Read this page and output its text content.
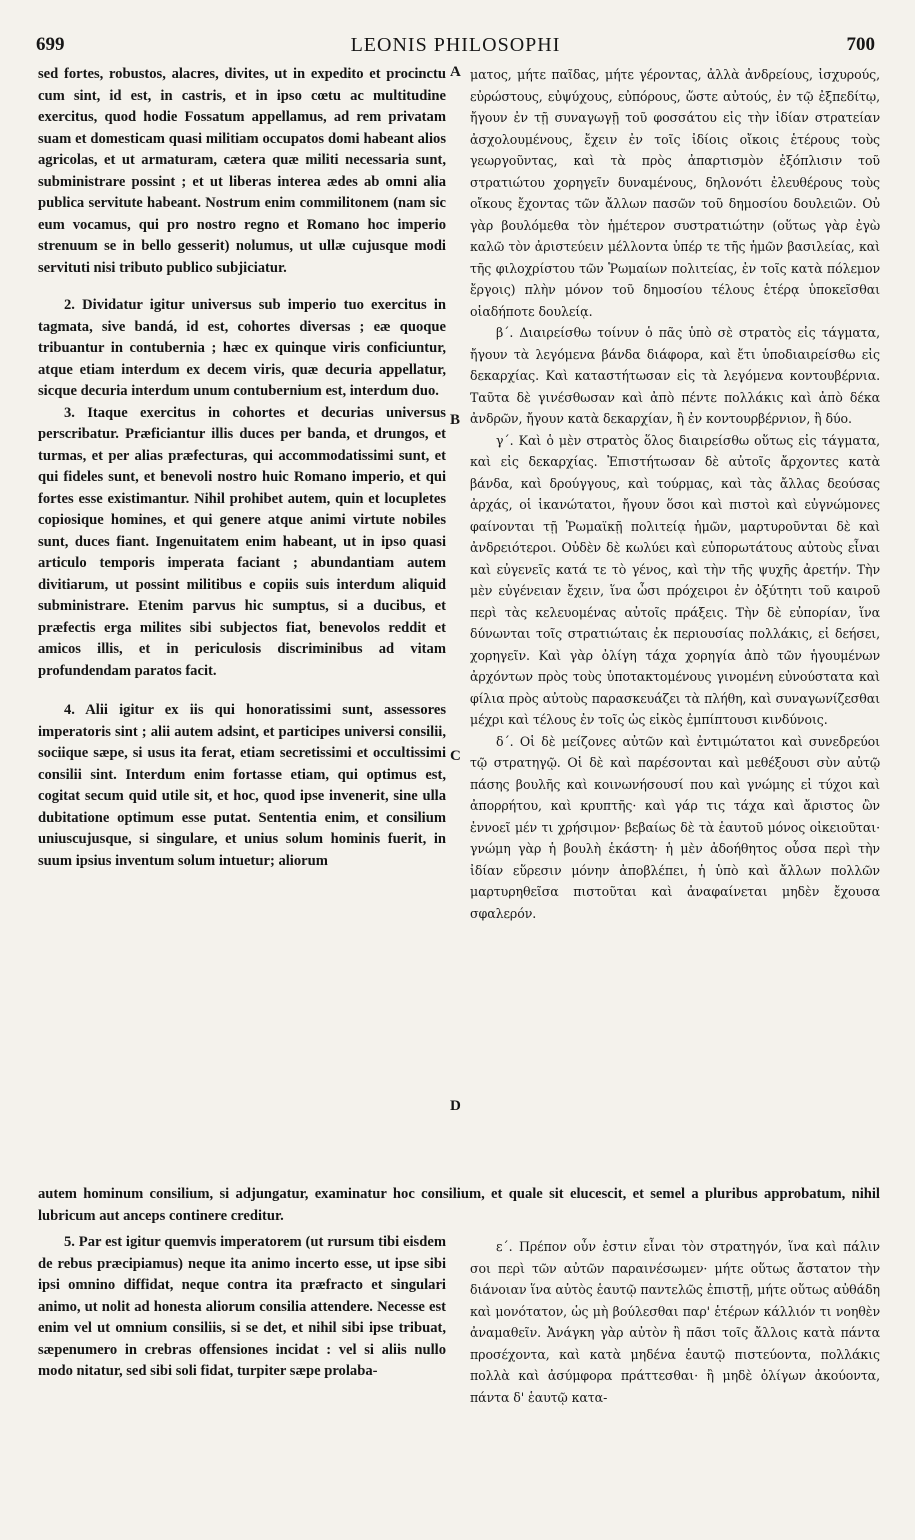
699	LEONIS PHILOSOPHI	700
A
B
C
D

sed fortes, robustos, alacres, divites, ut in expedito et procinctu cum sint, id est, in castris, et in ipso cœtu ac multitudine exercitus, quod hodie Fossatum appellamus, ad rem privatam suam et domesticam quasi militiam occupatos domi habeant alios agricolas, et ut armaturam, cætera quæ militi necessaria sunt, subministrare possint ; et ut liberas interea ædes ab omni alia publica servitute habeant. Nostrum enim commilitonem (nam sic eum vocamus, qui pro nostro regno et Romano hoc imperio strenuum se in bello gesserit) nolumus, ut ullæ cujusque modi servituti nisi tributo publico subjiciatur.

2. Dividatur igitur universus sub imperio tuo exercitus in tagmata, sive bandá, id est, cohortes diversas ; eæ quoque tribuantur in contubernia ; hæc ex quinque viris conficiuntur, atque etiam interdum ex decem viris, quæ decuria appellatur, sicque decuria interdum unum contubernium est, interdum duo.

3. Itaque exercitus in cohortes et decurias universus perscribatur. Præficiantur illis duces per banda, et drungos, et turmas, et per alias præfecturas, qui accommodatissimi sunt, et qui fideles sunt, et benevoli nostro huic Romano imperio, et qui fortes esse existimantur. Nihil prohibet autem, quin et locupletes copiosique homines, et qui genere atque animi virtute nobiles sunt, duces fiant. Ingenuitatem enim habeant, ut in ipso quasi articulo temporis imperata faciant ; abundantiam autem divitiarum, ut possint militibus e copiis suis interdum aliquid subministrare. Etenim parvus hic sumptus, si a ducibus, et præfectis erga milites sibi subjectos fiat, benevolos reddit et amicos illis, et in periculosis discriminibus ad vitam profundendam paratos facit.

4. Alii igitur ex iis qui honoratissimi sunt, assessores imperatoris sint ; alii autem adsint, et participes universi consilii, sociique sæpe, si usus ita ferat, etiam secretissimi et occultissimi consilii sint. Interdum enim fortasse etiam, qui optimus est, cogitat secum quid utile sit, et hoc, quod ipse invenerit, sine ulla dubitatione optimum esse putat. Sententia enim, et consilium uniuscujusque, si singulare, et unius solum hominis fuerit, in suum ipsius inventum solum intuetur; aliorum

ματος, μήτε παῖδας, μήτε γέροντας, ἀλλὰ ἀνδρείους, ἰσχυρούς, εὐρώστους, εὐψύχους, εὐπόρους, ὥστε αὐτούς, ἐν τῷ ἐξπεδίτῳ, ἤγουν ἐν τῇ συναγωγῇ τοῦ φοσσάτου εἰς τὴν ἰδίαν στρατείαν ἀσχολουμένους, ἔχειν ἐν τοῖς ἰδίοις οἴκοις ἑτέρους τοὺς γεωργοῦντας, καὶ τὰ πρὸς ἀπαρτισμὸν ἐξόπλισιν τοῦ στρατιώτου χορηγεῖν δυναμένους, δηλονότι ἐλευθέρους τοὺς οἴκους ἔχοντας τῶν ἄλλων πασῶν τοῦ δημοσίου δουλειῶν. Οὐ γὰρ βουλόμεθα τὸν ἡμέτερον συστρατιώτην (οὕτως γὰρ ἐγὼ καλῶ τὸν ἀριστεύειν μέλλοντα ὑπέρ τε τῆς ἡμῶν βασιλείας, καὶ τῆς φιλοχρίστου τῶν Ῥωμαίων πολιτείας, ἐν τοῖς κατὰ πόλεμον ἔργοις) πλὴν μόνον τοῦ δημοσίου τέλους ἑτέρᾳ ὑποκεῖσθαι οἱαδήποτε δουλείᾳ.

β΄. Διαιρείσθω τοίνυν ὁ πᾶς ὑπὸ σὲ στρατὸς εἰς τάγματα, ἤγουν τὰ λεγόμενα βάνδα διάφορα, καὶ ἔτι ὑποδιαιρείσθω εἰς δεκαρχίας. Καὶ καταστήτωσαν εἰς τὰ λεγόμενα κοντουβέρνια. Ταῦτα δὲ γινέσθωσαν καὶ ἀπὸ πέντε πολλάκις καὶ ἀπὸ δέκα ἀνδρῶν, ἤγουν κατὰ δεκαρχίαν, ἢ ἐν κοντουρβέρνιον, ἢ δύο.

γ΄. Καὶ ὁ μὲν στρατὸς ὅλος διαιρείσθω οὕτως εἰς τάγματα, καὶ εἰς δεκαρχίας. Ἐπιστήτωσαν δὲ αὐτοῖς ἄρχοντες κατὰ βάνδα, καὶ δρούγγους, καὶ τούρμας, καὶ τὰς ἄλλας δεούσας ἀρχάς, οἱ ἱκανώτατοι, ἤγουν ὅσοι καὶ πιστοὶ καὶ εὐγνώμονες φαίνονται τῇ Ῥωμαϊκῇ πολιτείᾳ ἡμῶν, μαρτυροῦνται δὲ καὶ ἀνδρειότεροι. Οὐδὲν δὲ κωλύει καὶ εὐπορωτάτους αὐτοὺς εἶναι καὶ εὐγενεῖς κατά τε τὸ γένος, καὶ τὴν τῆς ψυχῆς ἀρετήν. Τὴν μὲν εὐγένειαν ἔχειν, ἵνα ὦσι πρόχειροι ἐν ὀξύτητι τοῦ καιροῦ περὶ τὰς κελευομένας αὐτοῖς πράξεις. Τὴν δὲ εὐπορίαν, ἵνα δύνωνται τοῖς στρατιώταις ἐκ περιουσίας πολλάκις, εἰ δεήσει, χορηγεῖν. Καὶ γὰρ ὀλίγη τάχα χορηγία ἀπὸ τῶν ἡγουμένων ἀρχόντων πρὸς τοὺς ὑποτακτομένους γινομένη εὐνούστατα καὶ φίλια πρὸς αὐτοὺς παρασκευάζει τὰ πλήθη, καὶ συναγωνίζεσθαι μέχρι καὶ τέλους ἐν τοῖς ὡς εἰκὸς ἐμπίπτουσι κινδύνοις.

δ΄. Οἱ δὲ μείζονες αὐτῶν καὶ ἐντιμώτατοι καὶ συνεδρεύοι τῷ στρατηγῷ. Οἱ δὲ καὶ παρέσονται καὶ μεθέξουσι σὺν αὐτῷ πάσης βουλῆς καὶ κοινωνήσουσί που καὶ γνώμης εἰ τύχοι καὶ ἀπορρήτου, καὶ κρυπτῆς· καὶ γάρ τις τάχα καὶ ἄριστος ὢν ἐννοεῖ μέν τι χρήσιμον· βεβαίως δὲ τὰ ἑαυτοῦ μόνος οἰκειοῦται· γνώμη γὰρ ἡ βουλὴ ἑκάστη· ἡ μὲν ἀδοήθητος οὖσα περὶ τὴν ἰδίαν εὕρεσιν μόνην ἀποβλέπει, ἡ ὑπὸ καὶ ἄλλων πολλῶν μαρτυρηθεῖσα πιστοῦται καὶ ἀναφαίνεται μηδὲν ἔχουσα σφαλερόν.

autem hominum consilium, si adjungatur, examinatur hoc consilium, et quale sit elucescit, et semel a pluribus approbatum, nihil lubricum aut anceps continere creditur.

5. Par est igitur quemvis imperatorem (ut rursum tibi eisdem de rebus præcipiamus) neque ita animo incerto esse, ut ipse sibi ipsi omnino diffidat, neque contra ita præfracto et singulari animo, ut nolit ad honesta aliorum consilia attendere. Necesse est enim vel ut omnium consiliis, si se det, et nihil sibi ipse tribuat, sæpenumero in crebras offensiones incidat : vel si aliis nullo modo nitatur, sed sibi soli fidat, turpiter sæpe prolaba-

ε΄. Πρέπον οὖν ἐστιν εἶναι τὸν στρατηγόν, ἵνα καὶ πάλιν σοι περὶ τῶν αὐτῶν παραινέσωμεν· μήτε οὕτως ἄστατον τὴν διάνοιαν ἵνα αὐτὸς ἑαυτῷ παντελῶς ἐπιστῇ, μήτε οὕτως αὐθάδη καὶ μονότατον, ὡς μὴ βούλεσθαι παρ' ἑτέρων κάλλιόν τι νοηθὲν ἀναμαθεῖν. Ἀνάγκη γὰρ αὐτὸν ἢ πᾶσι τοῖς ἄλλοις κατὰ πάντα προσέχοντα, καὶ κατὰ μηδένα ἑαυτῷ πιστεύοντα, πολλάκις πολλὰ καὶ ἀσύμφορα πράττεσθαι· ἢ μηδὲ ὀλίγων ἀκούοντα, πάντα δ' ἑαυτῷ κατα-
